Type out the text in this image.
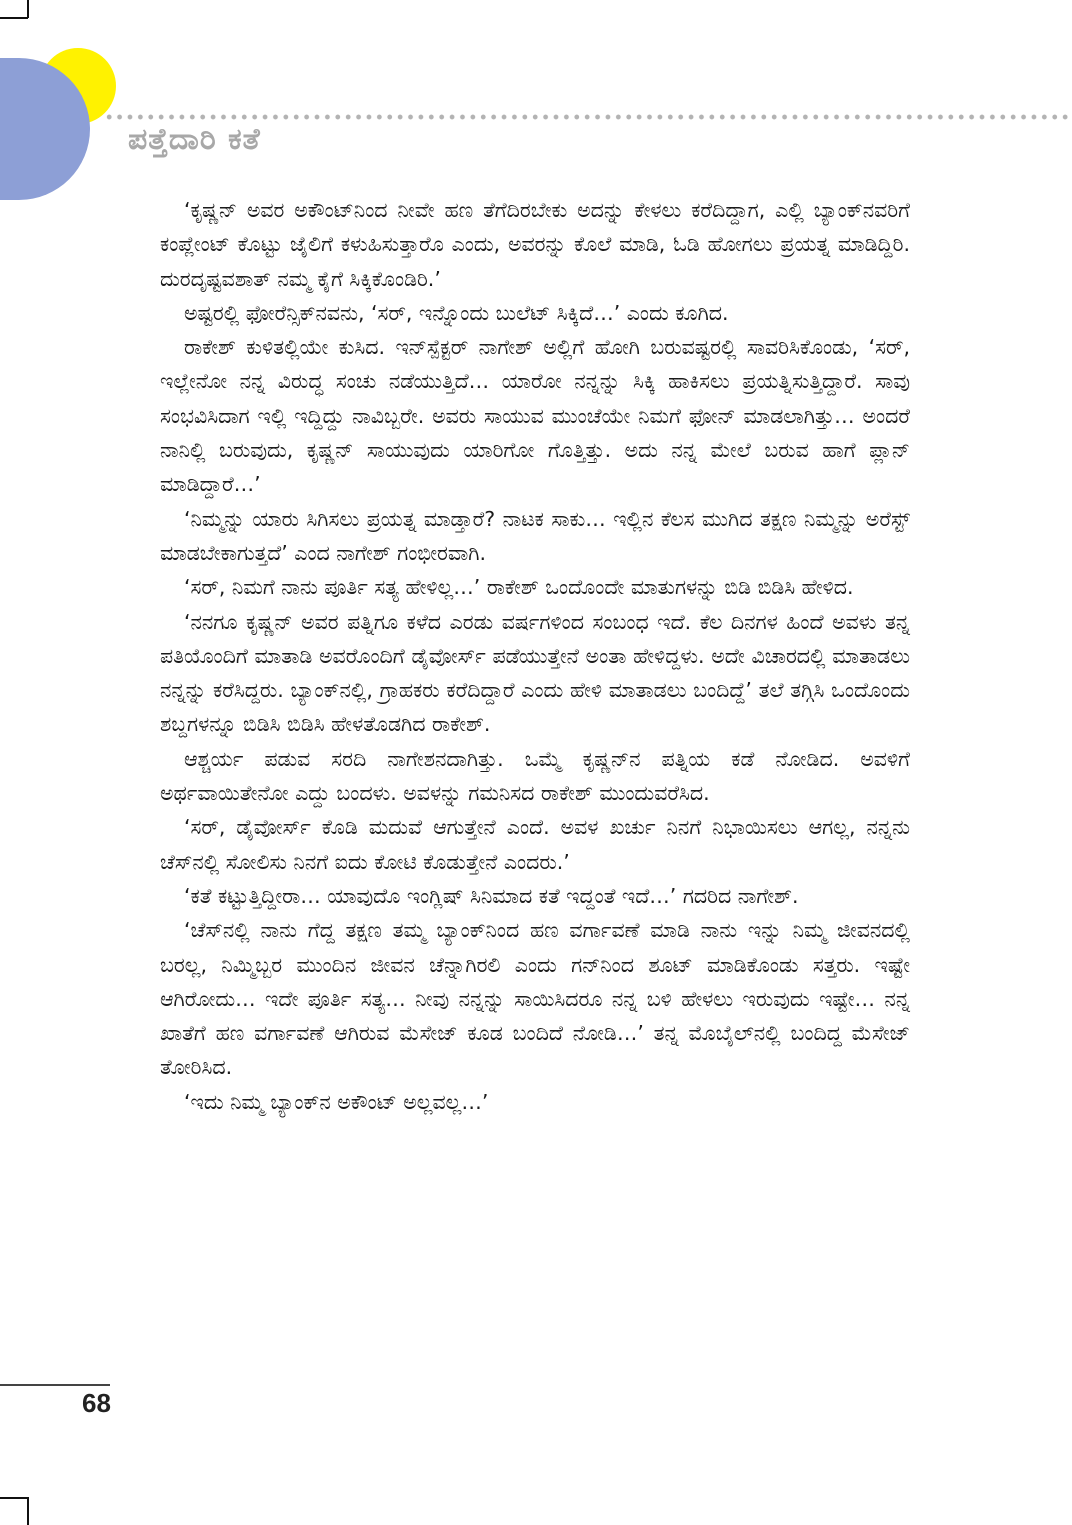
ಪತ್ತೆದಾರಿ ಕತೆ

‘ಕೃಷ್ಣನ್ ಅವರ ಅಕೌಂಟ್‌ನಿಂದ ನೀವೇ ಹಣ ತೆಗೆದಿರಬೇಕು ಅದನ್ನು ಕೇಳಲು ಕರೆದಿದ್ದಾಗ, ಎಲ್ಲಿ ಬ್ಯಾಂಕ್‌ನವರಿಗೆ ಕಂಪ್ಲೇಂಟ್ ಕೊಟ್ಟು ಜೈಲಿಗೆ ಕಳುಹಿಸುತ್ತಾರೊ ಎಂದು, ಅವರನ್ನು ಕೊಲೆ ಮಾಡಿ, ಓಡಿ ಹೋಗಲು ಪ್ರಯತ್ನ ಮಾಡಿದ್ದಿರಿ. ದುರದೃಷ್ಟವಶಾತ್ ನಮ್ಮ ಕೈಗೆ ಸಿಕ್ಕಿಕೊಂಡಿರಿ.’

ಅಷ್ಟರಲ್ಲಿ ಫೋರೆನ್ಸಿಕ್‌ನವನು, ‘ಸರ್, ಇನ್ನೊಂದು ಬುಲೆಟ್ ಸಿಕ್ಕಿದೆ…’ ಎಂದು ಕೂಗಿದ.

ರಾಕೇಶ್ ಕುಳಿತಲ್ಲಿಯೇ ಕುಸಿದ. ಇನ್‌ಸ್ಪೆಕ್ಟರ್ ನಾಗೇಶ್ ಅಲ್ಲಿಗೆ ಹೋಗಿ ಬರುವಷ್ಟರಲ್ಲಿ ಸಾವರಿಸಿಕೊಂಡು, ‘ಸರ್, ಇಲ್ಲೇನೋ ನನ್ನ ವಿರುದ್ಧ ಸಂಚು ನಡೆಯುತ್ತಿದೆ… ಯಾರೋ ನನ್ನನ್ನು ಸಿಕ್ಕಿ ಹಾಕಿಸಲು ಪ್ರಯತ್ನಿಸುತ್ತಿದ್ದಾರೆ. ಸಾವು ಸಂಭವಿಸಿದಾಗ ಇಲ್ಲಿ ಇದ್ದಿದ್ದು ನಾವಿಬ್ಬರೇ. ಅವರು ಸಾಯುವ ಮುಂಚೆಯೇ ನಿಮಗೆ ಫೋನ್ ಮಾಡಲಾಗಿತ್ತು… ಅಂದರೆ ನಾನಿಲ್ಲಿ ಬರುವುದು, ಕೃಷ್ಣನ್ ಸಾಯುವುದು ಯಾರಿಗೋ ಗೊತ್ತಿತ್ತು. ಅದು ನನ್ನ ಮೇಲೆ ಬರುವ ಹಾಗೆ ಪ್ಲಾನ್ ಮಾಡಿದ್ದಾರೆ…’

‘ನಿಮ್ಮನ್ನು ಯಾರು ಸಿಗಿಸಲು ಪ್ರಯತ್ನ ಮಾಡ್ತಾರೆ? ನಾಟಕ ಸಾಕು… ಇಲ್ಲಿನ ಕೆಲಸ ಮುಗಿದ ತಕ್ಷಣ ನಿಮ್ಮನ್ನು ಅರೆಸ್ಟ್ ಮಾಡಬೇಕಾಗುತ್ತದೆ’ ಎಂದ ನಾಗೇಶ್ ಗಂಭೀರವಾಗಿ.

‘ಸರ್, ನಿಮಗೆ ನಾನು ಪೂರ್ತಿ ಸತ್ಯ ಹೇಳಿಲ್ಲ…’ ರಾಕೇಶ್ ಒಂದೊಂದೇ ಮಾತುಗಳನ್ನು ಬಿಡಿ ಬಿಡಿಸಿ ಹೇಳಿದ.

‘ನನಗೂ ಕೃಷ್ಣನ್ ಅವರ ಪತ್ನಿಗೂ ಕಳೆದ ಎರಡು ವರ್ಷಗಳಿಂದ ಸಂಬಂಧ ಇದೆ. ಕೆಲ ದಿನಗಳ ಹಿಂದೆ ಅವಳು ತನ್ನ ಪತಿಯೊಂದಿಗೆ ಮಾತಾಡಿ ಅವರೊಂದಿಗೆ ಡೈವೋರ್ಸ್ ಪಡೆಯುತ್ತೇನೆ ಅಂತಾ ಹೇಳಿದ್ದಳು. ಅದೇ ವಿಚಾರದಲ್ಲಿ ಮಾತಾಡಲು ನನ್ನನ್ನು ಕರೆಸಿದ್ದರು. ಬ್ಯಾಂಕ್‌ನಲ್ಲಿ, ಗ್ರಾಹಕರು ಕರೆದಿದ್ದಾರೆ ಎಂದು ಹೇಳಿ ಮಾತಾಡಲು ಬಂದಿದ್ದೆ’ ತಲೆ ತಗ್ಗಿಸಿ ಒಂದೊಂದು ಶಬ್ದಗಳನ್ನೂ ಬಿಡಿಸಿ ಬಿಡಿಸಿ ಹೇಳತೊಡಗಿದ ರಾಕೇಶ್.

ಆಶ್ಚರ್ಯ ಪಡುವ ಸರದಿ ನಾಗೇಶನದಾಗಿತ್ತು. ಒಮ್ಮೆ ಕೃಷ್ಣನ್‌ನ ಪತ್ನಿಯ ಕಡೆ ನೋಡಿದ. ಅವಳಿಗೆ ಅರ್ಥವಾಯಿತೇನೋ ಎದ್ದು ಬಂದಳು. ಅವಳನ್ನು ಗಮನಿಸದ ರಾಕೇಶ್ ಮುಂದುವರೆಸಿದ.

‘ಸರ್, ಡೈವೋರ್ಸ್ ಕೊಡಿ ಮದುವೆ ಆಗುತ್ತೇನೆ ಎಂದೆ. ಅವಳ ಖರ್ಚು ನಿನಗೆ ನಿಭಾಯಿಸಲು ಆಗಲ್ಲ, ನನ್ನನು ಚೆಸ್‌ನಲ್ಲಿ ಸೋಲಿಸು ನಿನಗೆ ಐದು ಕೋಟಿ ಕೊಡುತ್ತೇನೆ ಎಂದರು.’

‘ಕತೆ ಕಟ್ಟುತ್ತಿದ್ದೀರಾ… ಯಾವುದೊ ಇಂಗ್ಲಿಷ್ ಸಿನಿಮಾದ ಕತೆ ಇದ್ದಂತೆ ಇದೆ…’ ಗದರಿದ ನಾಗೇಶ್.

‘ಚೆಸ್‌ನಲ್ಲಿ ನಾನು ಗೆದ್ದ ತಕ್ಷಣ ತಮ್ಮ ಬ್ಯಾಂಕ್‌ನಿಂದ ಹಣ ವರ್ಗಾವಣೆ ಮಾಡಿ ನಾನು ಇನ್ನು ನಿಮ್ಮ ಜೀವನದಲ್ಲಿ ಬರಲ್ಲ, ನಿಮ್ಮಿಬ್ಬರ ಮುಂದಿನ ಜೀವನ ಚೆನ್ನಾಗಿರಲಿ ಎಂದು ಗನ್‌ನಿಂದ ಶೂಟ್ ಮಾಡಿಕೊಂಡು ಸತ್ತರು. ಇಷ್ಟೇ ಆಗಿರೋದು… ಇದೇ ಪೂರ್ತಿ ಸತ್ಯ… ನೀವು ನನ್ನನ್ನು ಸಾಯಿಸಿದರೂ ನನ್ನ ಬಳಿ ಹೇಳಲು ಇರುವುದು ಇಷ್ಟೇ… ನನ್ನ ಖಾತೆಗೆ ಹಣ ವರ್ಗಾವಣೆ ಆಗಿರುವ ಮೆಸೇಜ್ ಕೂಡ ಬಂದಿದೆ ನೋಡಿ…’ ತನ್ನ ಮೊಬೈಲ್‌ನಲ್ಲಿ ಬಂದಿದ್ದ ಮೆಸೇಜ್ ತೋರಿಸಿದ.

‘ಇದು ನಿಮ್ಮ ಬ್ಯಾಂಕ್‌ನ ಅಕೌಂಟ್ ಅಲ್ಲವಲ್ಲ…’

68
